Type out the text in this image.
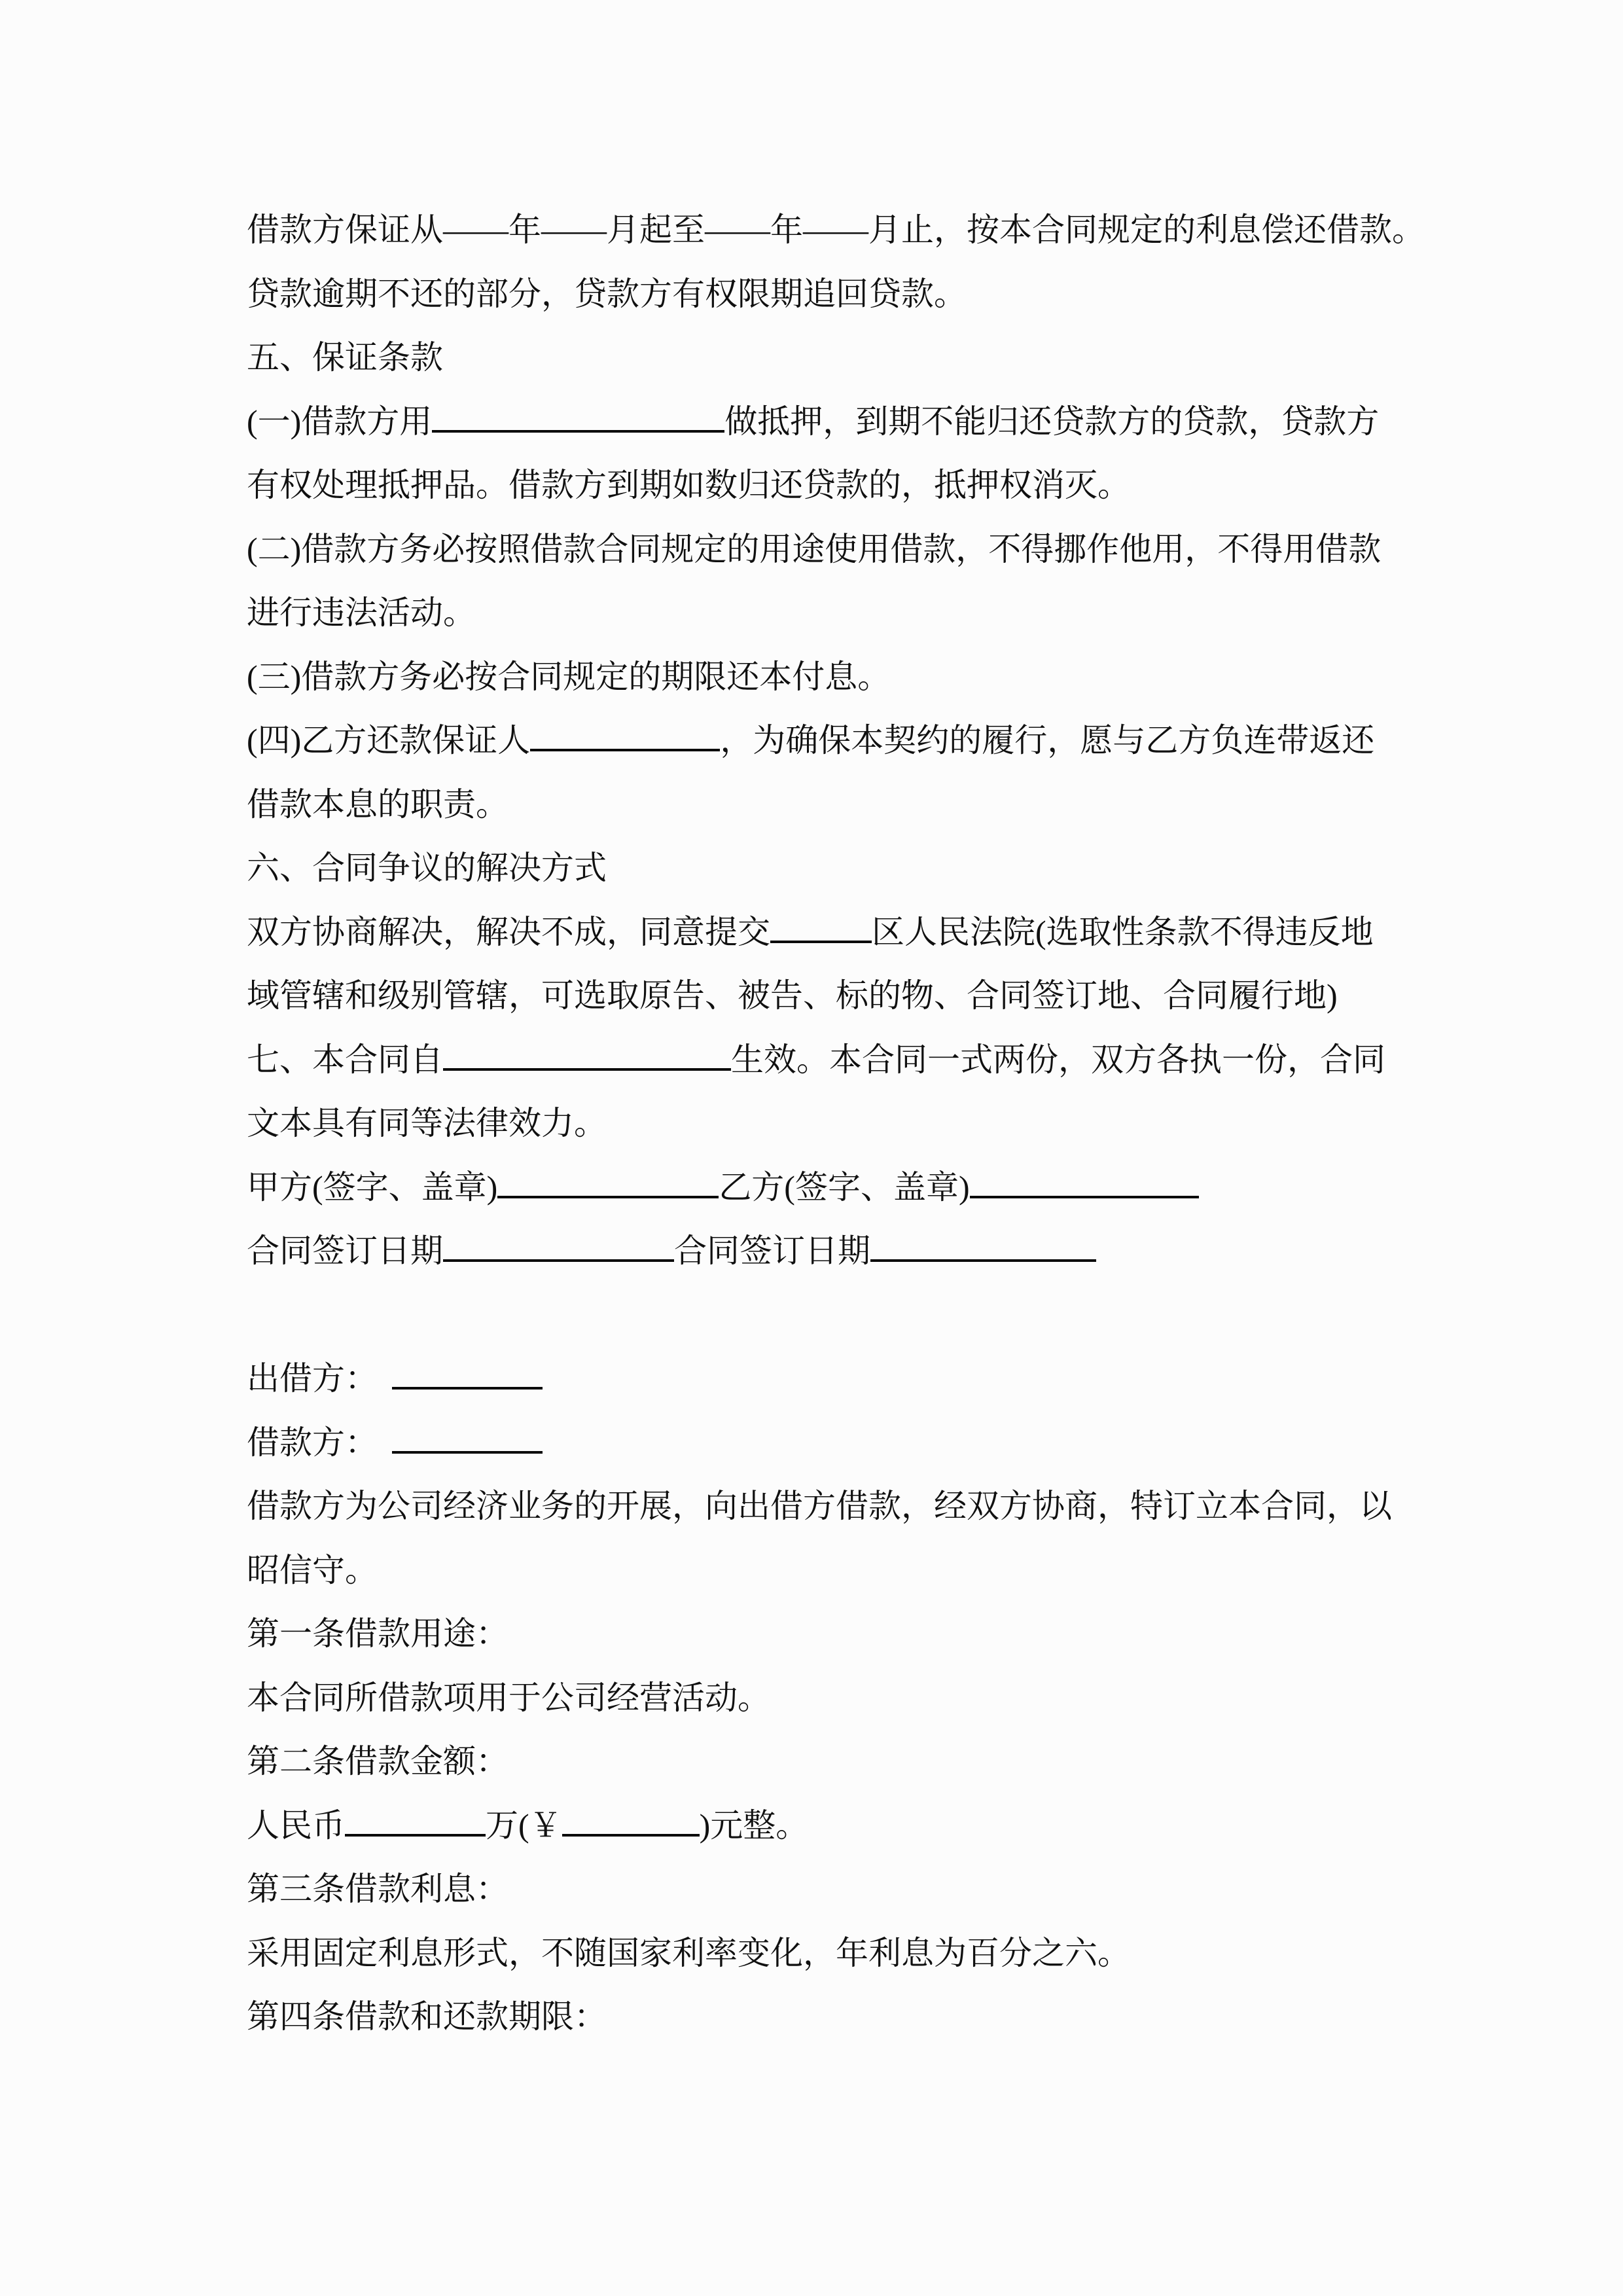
借款方保证从——年——月起至——年——月止，按本合同规定的利息偿还借款。

贷款逾期不还的部分，贷款方有权限期追回贷款。

五、保证条款

(一)借款方用	做抵押，到期不能归还贷款方的贷款，贷款方

有权处理抵押品。借款方到期如数归还贷款的，抵押权消灭。

(二)借款方务必按照借款合同规定的用途使用借款，不得挪作他用，不得用借款

进行违法活动。

(三)借款方务必按合同规定的期限还本付息。

(四)乙方还款保证人	，为确保本契约的履行，愿与乙方负连带返还

借款本息的职责。

六、合同争议的解决方式

双方协商解决，解决不成，同意提交	区人民法院(选取性条款不得违反地

域管辖和级别管辖，可选取原告、被告、标的物、合同签订地、合同履行地)

七、本合同自	生效。本合同一式两份，双方各执一份，合同

文本具有同等法律效力。

甲方(签字、盖章)	乙方(签字、盖章)

合同签订日期	合同签订日期

出借方：

借款方：

借款方为公司经济业务的开展，向出借方借款，经双方协商，特订立本合同，以

昭信守。

第一条借款用途：

本合同所借款项用于公司经营活动。

第二条借款金额：

人民币	万(￥	)元整。

第三条借款利息：

采用固定利息形式，不随国家利率变化，年利息为百分之六。

第四条借款和还款期限：
